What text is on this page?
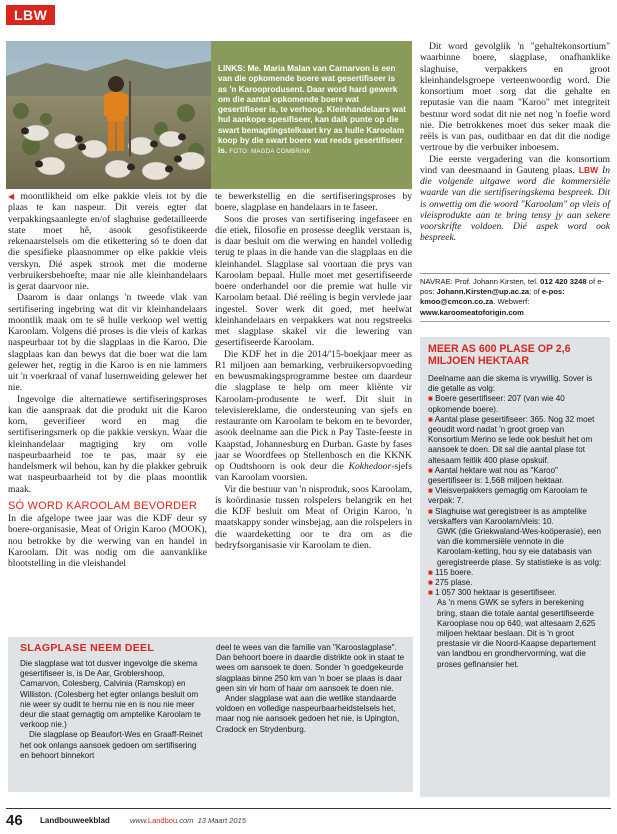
LBW
LINKS: Me. Maria Malan van Carnarvon is een van die opkomende boere wat gesertifiseer is as 'n Karooprodusent. Daar word hard gewerk om die aantal opkomende boere wat gesertifiseer is, te verhoog. Kleinhandelaars wat hul aankope spesifiseer, kan dalk punte op die swart bemagtingstelkaart kry as hulle Karoolam koop by die swart boere wat reeds gesertifiseer is. FOTO: MAGDA COMBRINK

◀ moontlikheid om elke pakkie vleis tot by die plaas te kan naspeur. Dit vereis egter dat verpakkingsaanlegte en/of slaghuise gedetailleerde state moet hê, asook gesofistikeerde rekenaarstelsels om die etikettering só te doen dat die spesifieke plaasnommer op elke pakkie vleis verskyn. Dié aspek strook met die moderne verbruikersbehoefte, maar nie alle kleinhandelaars is gerat daarvoor nie.

Daarom is daar onlangs 'n tweede vlak van sertifisering ingebring wat dit vir kleinhandelaars moontlik maak om te sê hulle verkoop wel wettig Karoolam. Volgens dié proses is die vleis of karkas naspeurbaar tot by die slagplaas in die Karoo. Die slagplaas kan dan bewys dat die boer wat die lam gelewer het, regtig in die Karoo is en nie lammers uit 'n voerkraal of vanaf lusernweiding gelewer het nie.

Ingevolge die alternatiewe sertifiseringsproses kan die aanspraak dat die produkt uit die Karoo kom, geverifieer word en mag die sertifiseringsmerk op die pakkie verskyn. Waar die kleinhandelaar magtiging kry om volle naspeurbaarheid toe te pas, maar sy eie handelsmerk wil behou, kan hy die plakker gebruik wat naspeurbaarheid tot by die plaas moontlik maak.

SÓ WORD KAROOLAM BEVORDER

In die afgelope twee jaar was die KDF deur sy boere-organisasie, Meat of Origin Karoo (MOOK), nou betrokke by die werwing van en handel in Karoolam. Dit was nodig om die aanvanklike blootstelling in die vleishandel

te bewerkstellig en die sertifiseringsproses by boere, slagplase en handelaars in te faseer.

Soos die proses van sertifisering ingefaseer en die etiek, filosofie en prosesse deeglik verstaan is, is daar besluit om die werwing en handel volledig terug te plaas in die hande van die slagplaas en die kleinhandel. Slagplase sal voortaan die prys van Karoolam bepaal. Hulle moet met gesertifiseerde boere onderhandel oor die premie wat hulle vir Karoolam betaal. Dié reëling is begin vervlede jaar ingestel. Sover werk dit goed, met heelwat kleinhandelaars en verpakkers wat nou regstreeks met slagplase skakel vir die lewering van gesertifiseerde Karoolam.

Die KDF het in die 2014/'15-boekjaar meer as R1 miljoen aan bemarking, verbruikersopvoeding en bewusmakingsprogramme bestee om daardeur die slagplase te help om meer kliënte vir Karoolam-produsente te werf. Dit sluit in televisiereklame, die ondersteuning van sjefs en restaurante om Karoolam te bekom en te bevorder, asook deelname aan die Pick n Pay Taste-feeste in Kaapstad, Johannesburg en Durban. Gaste by fases jaar se Woordfees op Stellenbosch en die KKNK op Oudtshoorn is ook deur die Kokhedoor-sjefs van Karoolam voorsien.

Vir die bestuur van 'n nisproduk, soos Karoolam, is koördinasie tussen rolspelers belangrik en het die KDF besluit om Meat of Origin Karoo, 'n maatskappy sonder winsbejag, aan die rolspelers in die waardeketting oor te dra om as die bedryfsorganisasie vir Karoolam te dien.

Dit word gevolglik 'n "gehaltekonsortium" waarbinne boere, slagplase, onafhanklike slaghuise, verpakkers en groot kleinhandelsgroepe verteenwoordig word. Die konsortium moet sorg dat die gehalte en reputasie van die naam "Karoo" met integriteit bestuur word sodat dit nie net nog 'n foefie word nie. Die betrokkenes moet dus seker maak die reëls is van pas, ouditbaar en dat dit die nodige vertroue by die verbuiker inboesem.

Die eerste vergadering van die konsortium vind van deesmaand in Gauteng plaas. LBW In die volgende uitgawe word die kommersiële waarde van die sertifiseringskema bespreek. Dit is onwettig om die woord "Karoolam" op vleis of vleisprodukte aan te bring tensy jy aan sekere voorskrifte voldoen. Dié aspek word ook bespreek.

NAVRAE: Prof. Johann Kirsten, tel. 012 420 3248 of e-pos: Johann.Kirsten@up.ac.za; of e-pos: kmoo@cmcon.co.za. Webwerf: www.karoomeatoforigin.com
MEER AS 600 PLASE OP 2,6 MILJOEN HEKTAAR
Deelname aan die skema is vrywillig. Sover is die getalle as volg:
■ Boere gesertifiseer: 207 (van wie 40 opkomende boere).
■ Aantal plase gesertifiseer: 365. Nog 32 moet geoudit word nadat 'n groot groep van Konsortium Merino se lede ook besluit het om aansoek te doen. Dit sal die aantal plase tot altesaam feitlik 400 plase opskuif.
■ Aantal hektare wat nou as "Karoo" gesertifiseer is: 1,568 miljoen hektaar.
■ Vleisverpakkers gemagtig om Karoolam te verpak: 7.
■ Slaghuise wat geregistreer is as amptelike verskaffers van Karoolam/vleis: 10.
GWK (die Griekwaland-Wes-koöperasie), een van die kommersiële vennote in die Karoolam-ketting, hou sy eie databasis van geregistreerde plase. Sy statistieke is as volg:
■ 115 boere.
■ 275 plase.
■ 1 057 300 hektaar is gesertifiseer.
As 'n mens GWK se syfers in berekening bring, staan die totale aantal gesertifiseerde Karooplase nou op 640, wat altesaam 2,625 miljoen hektaar beslaan. Dit is 'n groot prestasie vir die Noord-Kaapse departement van landbou en grondhervorming, wat die proses gefinansier het.
SLAGPLASE NEEM DEEL

Die slagplase wat tot dusver ingevolge die skema gesertifiseer is, is De Aar, Groblershoop, Carnarvon, Colesberg, Calvinia (Ramskop) en Williston. (Colesberg het egter onlangs besluit om nie weer sy oudit te hernu nie en is nou nie meer deur die staat gemagtig om amptelike Karoolam te verkoop nie.)

Die slagplase op Beaufort-Wes en Graaff-Reinet het ook onlangs aansoek gedoen om sertifisering en behoort binnekort

deel te wees van die familie van "Karooslagplase". Dan behoort boere in daardie distrikte ook in staat te wees om aansoek te doen. Sonder 'n goedgekeurde slagplaas binne 250 km van 'n boer se plaas is daar geen sin vir hom of haar om aansoek te doen nie.

Ander slagplase wat aan die wetlike standaarde voldoen en volledige naspeurbaarheidstelsels het, maar nog nie aansoek gedoen het nie, is Upington, Cradock en Strydenburg.

46 Landbouweekblad	www.Landbou.com 13 Maart 2015
